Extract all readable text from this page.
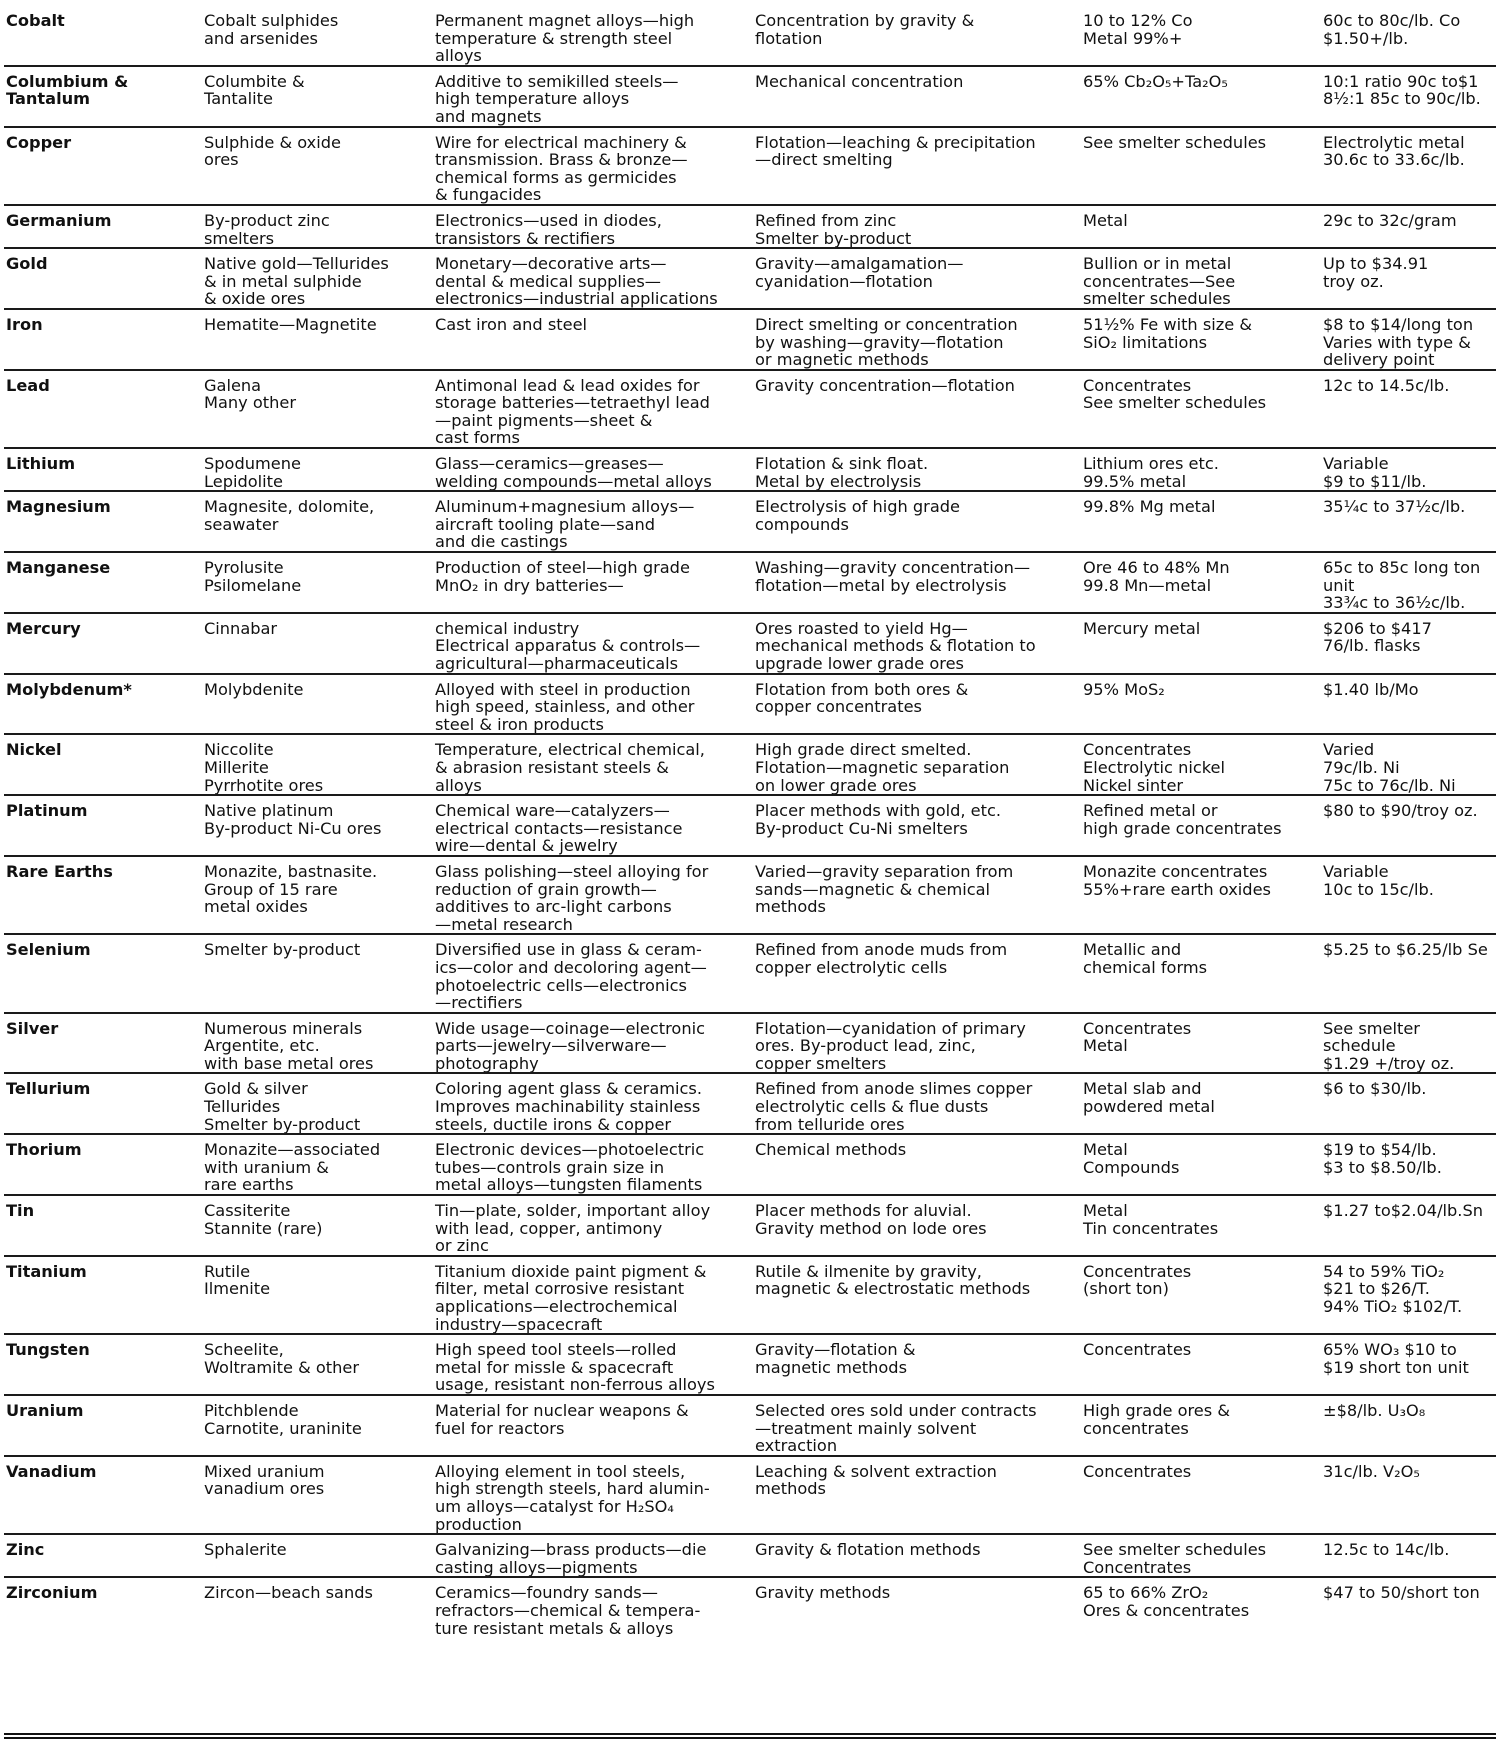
Cobalt	Cobalt sulphides
and arsenides	Permanent magnet alloys—high
temperature & strength steel
alloys	Concentration by gravity &
flotation	10 to 12% Co
Metal 99%+	60c to 80c/lb. Co
$1.50+/lb.
Columbium &
Tantalum	Columbite &
Tantalite	Additive to semikilled steels—
high temperature alloys
and magnets	Mechanical concentration	65% Cb₂O₅+Ta₂O₅	10:1 ratio 90c to$1
8½:1 85c to 90c/lb.
Copper	Sulphide & oxide
ores	Wire for electrical machinery &
transmission. Brass & bronze—
chemical forms as germicides
& fungacides	Flotation—leaching & precipitation
—direct smelting	See smelter schedules	Electrolytic metal
30.6c to 33.6c/lb.
Germanium	By-product zinc
smelters	Electronics—used in diodes,
transistors & rectifiers	Refined from zinc
Smelter by-product	Metal	29c to 32c/gram
Gold	Native gold—Tellurides
& in metal sulphide
& oxide ores	Monetary—decorative arts—
dental & medical supplies—
electronics—industrial applications	Gravity—amalgamation—
cyanidation—flotation	Bullion or in metal
concentrates—See
smelter schedules	Up to $34.91
troy oz.
Iron	Hematite—Magnetite	Cast iron and steel	Direct smelting or concentration
by washing—gravity—flotation
or magnetic methods	51½% Fe with size &
SiO₂ limitations	$8 to $14/long ton
Varies with type &
delivery point
Lead	Galena
Many other	Antimonal lead & lead oxides for
storage batteries—tetraethyl lead
—paint pigments—sheet &
cast forms	Gravity concentration—flotation	Concentrates
See smelter schedules	12c to 14.5c/lb.
Lithium	Spodumene
Lepidolite	Glass—ceramics—greases—
welding compounds—metal alloys	Flotation & sink float.
Metal by electrolysis	Lithium ores etc.
99.5% metal	Variable
$9 to $11/lb.
Magnesium	Magnesite, dolomite,
seawater	Aluminum+magnesium alloys—
aircraft tooling plate—sand
and die castings	Electrolysis of high grade
compounds	99.8% Mg metal	35¼c to 37½c/lb.
Manganese	Pyrolusite
Psilomelane	Production of steel—high grade
MnO₂ in dry batteries—	Washing—gravity concentration—
flotation—metal by electrolysis	Ore 46 to 48% Mn
99.8 Mn—metal	65c to 85c long ton
unit
33¾c to 36½c/lb.
Mercury	Cinnabar	chemical industry
Electrical apparatus & controls—
agricultural—pharmaceuticals	Ores roasted to yield Hg—
mechanical methods & flotation to
upgrade lower grade ores	Mercury metal	$206 to $417
76/lb. flasks
Molybdenum*	Molybdenite	Alloyed with steel in production
high speed, stainless, and other
steel & iron products	Flotation from both ores &
copper concentrates	95% MoS₂	$1.40 lb/Mo
Nickel	Niccolite
Millerite
Pyrrhotite ores	Temperature, electrical chemical,
& abrasion resistant steels &
alloys	High grade direct smelted.
Flotation—magnetic separation
on lower grade ores	Concentrates
Electrolytic nickel
Nickel sinter	Varied
79c/lb. Ni
75c to 76c/lb. Ni
Platinum	Native platinum
By-product Ni-Cu ores	Chemical ware—catalyzers—
electrical contacts—resistance
wire—dental & jewelry	Placer methods with gold, etc.
By-product Cu-Ni smelters	Refined metal or
high grade concentrates	$80 to $90/troy oz.
Rare Earths	Monazite, bastnasite.
Group of 15 rare
metal oxides	Glass polishing—steel alloying for
reduction of grain growth—
additives to arc-light carbons
—metal research	Varied—gravity separation from
sands—magnetic & chemical
methods	Monazite concentrates
55%+rare earth oxides	Variable
10c to 15c/lb.
Selenium	Smelter by-product	Diversified use in glass & ceram-
ics—color and decoloring agent—
photoelectric cells—electronics
—rectifiers	Refined from anode muds from
copper electrolytic cells	Metallic and
chemical forms	$5.25 to $6.25/lb Se
Silver	Numerous minerals
Argentite, etc.
with base metal ores	Wide usage—coinage—electronic
parts—jewelry—silverware—
photography	Flotation—cyanidation of primary
ores. By-product lead, zinc,
copper smelters	Concentrates
Metal	See smelter schedule
$1.29 +/troy oz.
Tellurium	Gold & silver
Tellurides
Smelter by-product	Coloring agent glass & ceramics.
Improves machinability stainless
steels, ductile irons & copper	Refined from anode slimes copper
electrolytic cells & flue dusts
from telluride ores	Metal slab and
powdered metal	$6 to $30/lb.
Thorium	Monazite—associated
with uranium &
rare earths	Electronic devices—photoelectric
tubes—controls grain size in
metal alloys—tungsten filaments	Chemical methods	Metal
Compounds	$19 to $54/lb.
$3 to $8.50/lb.
Tin	Cassiterite
Stannite (rare)	Tin—plate, solder, important alloy
with lead, copper, antimony
or zinc	Placer methods for aluvial.
Gravity method on lode ores	Metal
Tin concentrates	$1.27 to$2.04/lb.Sn
Titanium	Rutile
Ilmenite	Titanium dioxide paint pigment &
filter, metal corrosive resistant
applications—electrochemical
industry—spacecraft	Rutile & ilmenite by gravity,
magnetic & electrostatic methods	Concentrates
(short ton)	54 to 59% TiO₂
$21 to $26/T.
94% TiO₂ $102/T.
Tungsten	Scheelite,
Woltramite & other	High speed tool steels—rolled
metal for missle & spacecraft
usage, resistant non-ferrous alloys	Gravity—flotation &
magnetic methods	Concentrates	65% WO₃ $10 to
$19 short ton unit
Uranium	Pitchblende
Carnotite, uraninite	Material for nuclear weapons &
fuel for reactors	Selected ores sold under contracts
—treatment mainly solvent
extraction	High grade ores &
concentrates	±$8/lb. U₃O₈
Vanadium	Mixed uranium
vanadium ores	Alloying element in tool steels,
high strength steels, hard alumin-
um alloys—catalyst for H₂SO₄
production	Leaching & solvent extraction
methods	Concentrates	31c/lb. V₂O₅
Zinc	Sphalerite	Galvanizing—brass products—die
casting alloys—pigments	Gravity & flotation methods	See smelter schedules
Concentrates	12.5c to 14c/lb.
Zirconium	Zircon—beach sands	Ceramics—foundry sands—
refractors—chemical & tempera-
ture resistant metals & alloys	Gravity methods	65 to 66% ZrO₂
Ores & concentrates	$47 to 50/short ton
